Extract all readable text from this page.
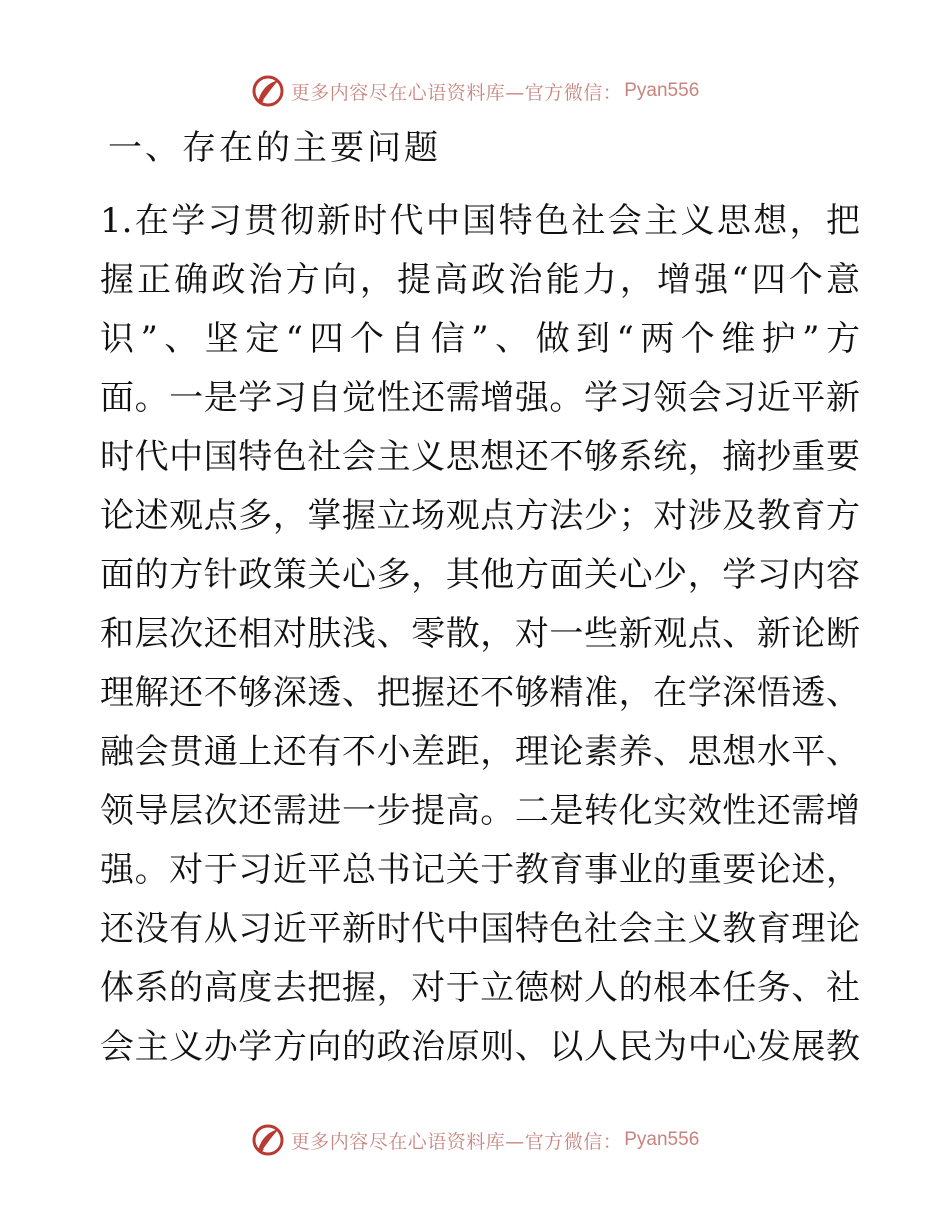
更多内容尽在心语资料库—官方微信： Pyan556
一、存在的主要问题
1.在学习贯彻新时代中国特色社会主义思想，把
握正确政治方向，提高政治能力，增强“四个意
识”、坚定“四个自信”、做到“两个维护”方
面。一是学习自觉性还需增强。学习领会习近平新
时代中国特色社会主义思想还不够系统，摘抄重要
论述观点多，掌握立场观点方法少；对涉及教育方
面的方针政策关心多，其他方面关心少，学习内容
和层次还相对肤浅、零散，对一些新观点、新论断
理解还不够深透、把握还不够精准，在学深悟透、
融会贯通上还有不小差距，理论素养、思想水平、
领导层次还需进一步提高。二是转化实效性还需增
强。对于习近平总书记关于教育事业的重要论述，
还没有从习近平新时代中国特色社会主义教育理论
体系的高度去把握，对于立德树人的根本任务、社
会主义办学方向的政治原则、以人民为中心发展教
更多内容尽在心语资料库—官方微信： Pyan556
